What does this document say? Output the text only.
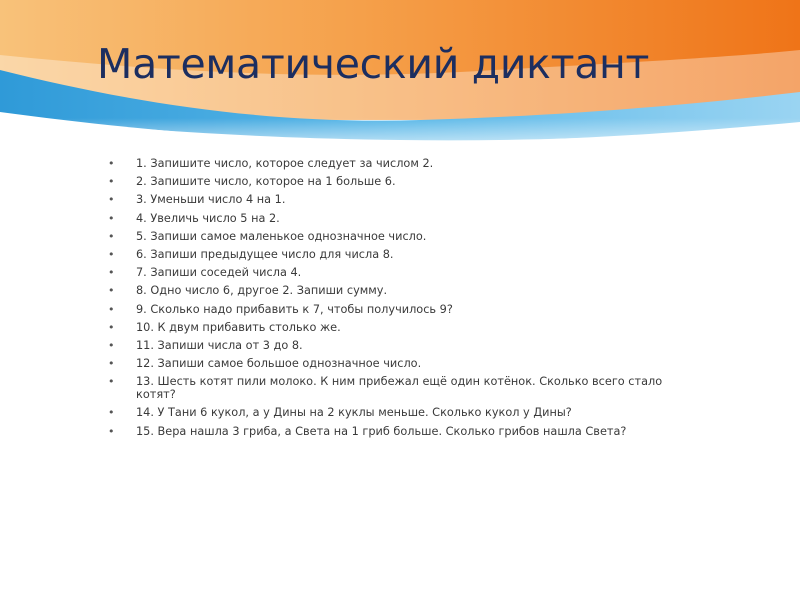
Математический диктант
• 1. Запишите число, которое следует за числом 2.
• 2. Запишите число, которое на 1 больше 6.
• 3. Уменьши число 4 на 1.
• 4. Увеличь число 5 на 2.
• 5. Запиши самое маленькое однозначное число.
• 6. Запиши предыдущее число для числа 8.
• 7. Запиши соседей числа 4.
• 8. Одно число 6, другое 2. Запиши сумму.
• 9. Сколько надо прибавить к 7, чтобы получилось 9?
• 10. К двум прибавить столько же.
• 11. Запиши числа от 3 до 8.
• 12. Запиши самое большое однозначное число.
• 13. Шесть котят пили молоко. К ним прибежал ещё один котёнок. Сколько всего стало котят?
• 14. У Тани 6 кукол, а у Дины на 2 куклы меньше. Сколько кукол у Дины?
• 15. Вера нашла 3 гриба, а Света на 1 гриб больше. Сколько грибов нашла Света?
